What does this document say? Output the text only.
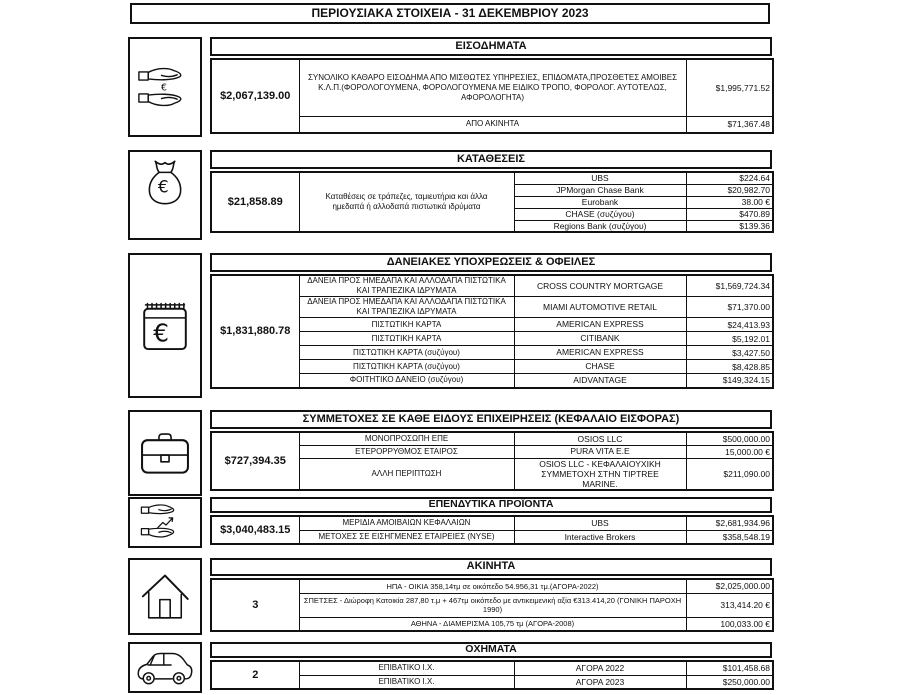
ΠΕΡΙΟΥΣΙΑΚΑ ΣΤΟΙΧΕΙΑ - 31 ΔΕΚΕΜΒΡΙΟΥ 2023
€
ΕΙΣΟΔΗΜΑΤΑ
$2,067,139.00	ΣΥΝΟΛΙΚΟ ΚΑΘΑΡΟ ΕΙΣΟΔΗΜΑ ΑΠΟ ΜΙΣΘΩΤΕΣ ΥΠΗΡΕΣΙΕΣ, ΕΠΙΔΟΜΑΤΑ,ΠΡΟΣΘΕΤΕΣ ΑΜΟΙΒΕΣ Κ.Λ.Π.(ΦΟΡΟΛΟΓΟΥΜΕΝΑ, ΦΟΡΟΛΟΓΟΥΜΕΝΑ ΜΕ ΕΙΔΙΚΟ ΤΡΟΠΟ, ΦΟΡΟΛΟΓ. ΑΥΤΟΤΕΛΩΣ, ΑΦΟΡΟΛΟΓΗΤΑ)	$1,995,771.52
	ΑΠΟ ΑΚΙΝΗΤΑ	$71,367.48
€
ΚΑΤΑΘΕΣΕΙΣ
$21,858.89	Καταθέσεις σε τράπεζες, ταμιευτήρια και άλλα ημεδαπά ή αλλοδαπά πιστωτικά ιδρύματα	UBS	$224.64
		JPMorgan Chase Bank	$20,982.70
		Eurobank	38.00 €
		CHASE (συζύγου)	$470.89
		Regions Bank (συζύγου)	$139.36
€
ΔΑΝΕΙΑΚΕΣ ΥΠΟΧΡΕΩΣΕΙΣ & ΟΦΕΙΛΕΣ
$1,831,880.78	ΔΑΝΕΙΑ ΠΡΟΣ ΗΜΕΔΑΠΑ ΚΑΙ ΑΛΛΟΔΑΠΑ ΠΙΣΤΩΤΙΚΑ ΚΑΙ ΤΡΑΠΕΖΙΚΑ ΙΔΡΥΜΑΤΑ	CROSS COUNTRY MORTGAGE	$1,569,724.34
	ΔΑΝΕΙΑ ΠΡΟΣ ΗΜΕΔΑΠΑ ΚΑΙ ΑΛΛΟΔΑΠΑ ΠΙΣΤΩΤΙΚΑ ΚΑΙ ΤΡΑΠΕΖΙΚΑ ΙΔΡΥΜΑΤΑ	MIAMI AUTOMOTIVE RETAIL	$71,370.00
	ΠΙΣΤΩΤΙΚΗ ΚΑΡΤΑ	AMERICAN EXPRESS	$24,413.93
	ΠΙΣΤΩΤΙΚΗ ΚΑΡΤΑ	CITIBANK	$5,192.01
	ΠΙΣΤΩΤΙΚΗ ΚΑΡΤΑ (συζύγου)	AMERICAN EXPRESS	$3,427.50
	ΠΙΣΤΩΤΙΚΗ ΚΑΡΤΑ (συζύγου)	CHASE	$8,428.85
	ΦΟΙΤΗΤΙΚΟ ΔΑΝΕΙΟ (συζύγου)	AIDVANTAGE	$149,324.15
ΣΥΜΜΕΤΟΧΕΣ ΣΕ ΚΑΘΕ ΕΙΔΟΥΣ ΕΠΙΧΕΙΡΗΣΕΙΣ (ΚΕΦΑΛΑΙΟ ΕΙΣΦΟΡΑΣ)
$727,394.35	ΜΟΝΟΠΡΟΣΩΠΗ ΕΠΕ	OSIOS LLC	$500,000.00
	ΕΤΕΡΟΡΡΥΘΜΟΣ ΕΤΑΙΡΟΣ	PURA VITA E.E	15,000.00 €
	ΑΛΛΗ ΠΕΡΙΠΤΩΣΗ	OSIOS LLC - ΚΕΦΑΛΑΙΟΥΧΙΚΗ ΣΥΜΜΕΤΟΧΗ ΣΤΗΝ TIPTREE MARINE.	$211,090.00
ΕΠΕΝΔΥΤΙΚΑ ΠΡΟΪΟΝΤΑ
$3,040,483.15	ΜΕΡΙΔΙΑ ΑΜΟΙΒΑΙΩΝ ΚΕΦΑΛΑΙΩΝ	UBS	$2,681,934.96
	ΜΕΤΟΧΕΣ ΣΕ ΕΙΣΗΓΜΕΝΕΣ ΕΤΑΙΡΕΙΕΣ (NYSE)	Interactive Brokers	$358,548.19
ΑΚΙΝΗΤΑ
3	ΗΠΑ - ΟΙΚΙΑ 358,14τμ σε οικόπεδο 54.956,31 τμ.(ΑΓΟΡΑ-2022)	$2,025,000.00
	ΣΠΕΤΣΕΣ - Διώροφη Κατοικία 287,80 τ.μ + 467τμ οικόπεδο με αντικειμενική αξία €313.414,20 (ΓΟΝΙΚΗ ΠΑΡΟΧΗ 1990)	313,414.20 €
	ΑΘΗΝΑ - ΔΙΑΜΕΡΙΣΜΑ 105,75 τμ (ΑΓΟΡΑ-2008)	100,033.00 €
ΟΧΗΜΑΤΑ
2	ΕΠΙΒΑΤΙΚΟ Ι.Χ.	ΑΓΟΡΑ 2022	$101,458.68
	ΕΠΙΒΑΤΙΚΟ Ι.Χ.	ΑΓΟΡΑ 2023	$250,000.00
